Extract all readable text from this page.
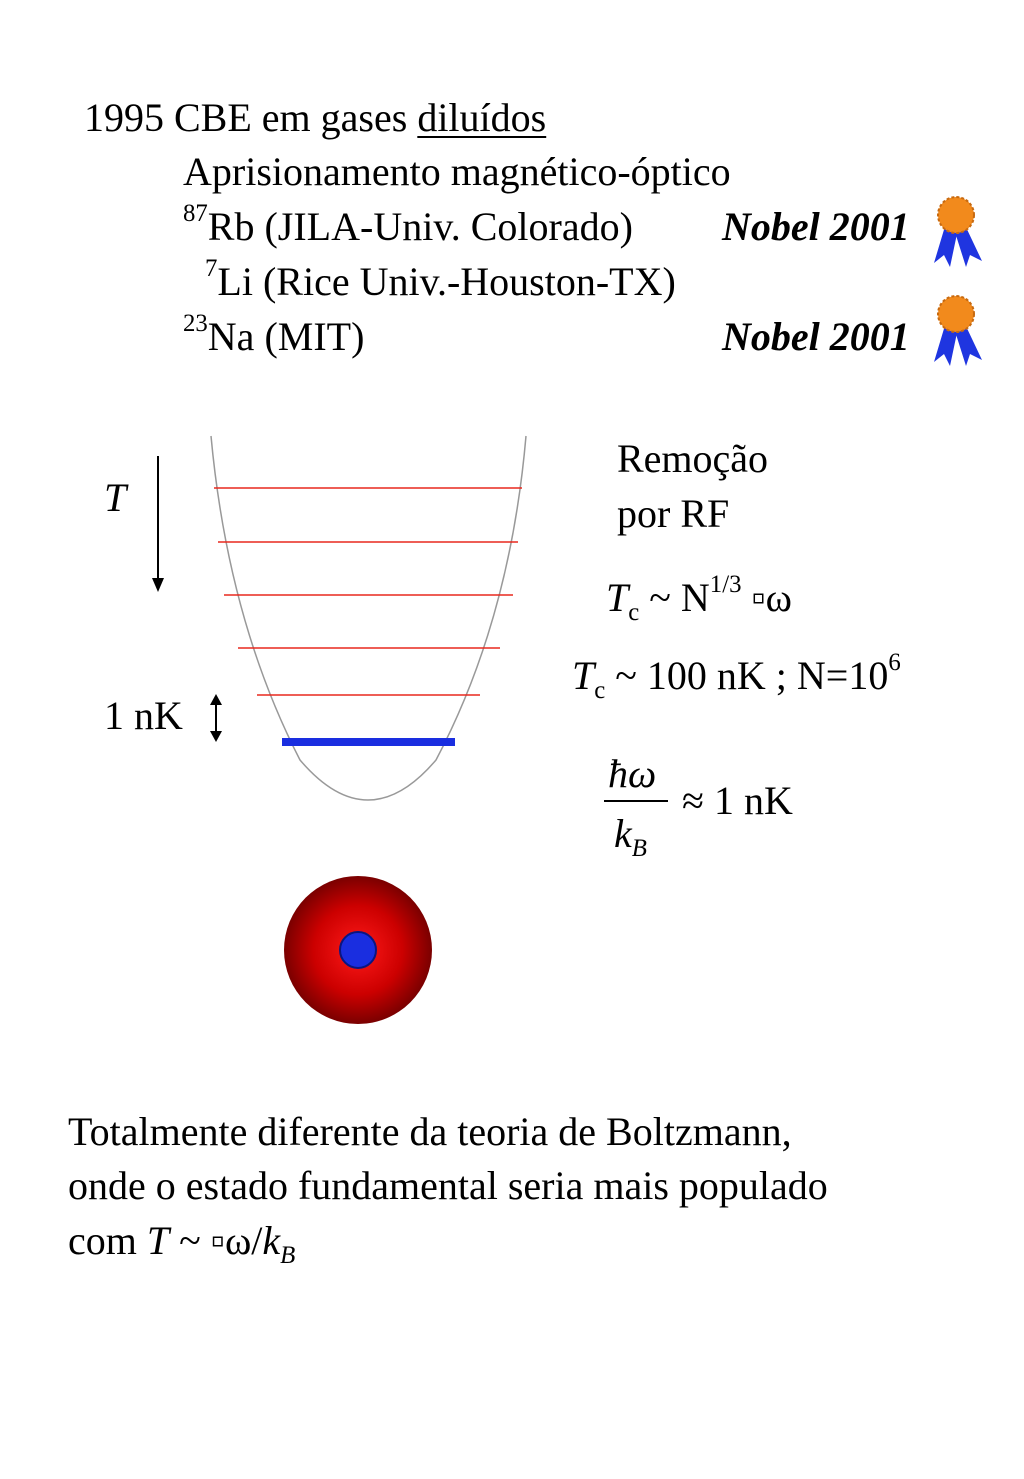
1995 CBE em gases diluídos
Aprisionamento magnético-óptico
$^{87}$Rb (JILA-Univ. Colorado) Nobel 2001
$^7$Li (Rice Univ.-Houston-TX)
$^{23}$Na (MIT)	Nobel 2001
T
1 nK
Remoção
por RF
$T_c$ ~ $N^{1/3}$ ▫ω
$T_c$ ~ 100 nK ; $N=10^6$
ħω
$k_B$
≈ 1 nK
Totalmente diferente da teoria de Boltzmann,
onde o estado fundamental seria mais populado
com T ~ $▫\omega/k_B$
